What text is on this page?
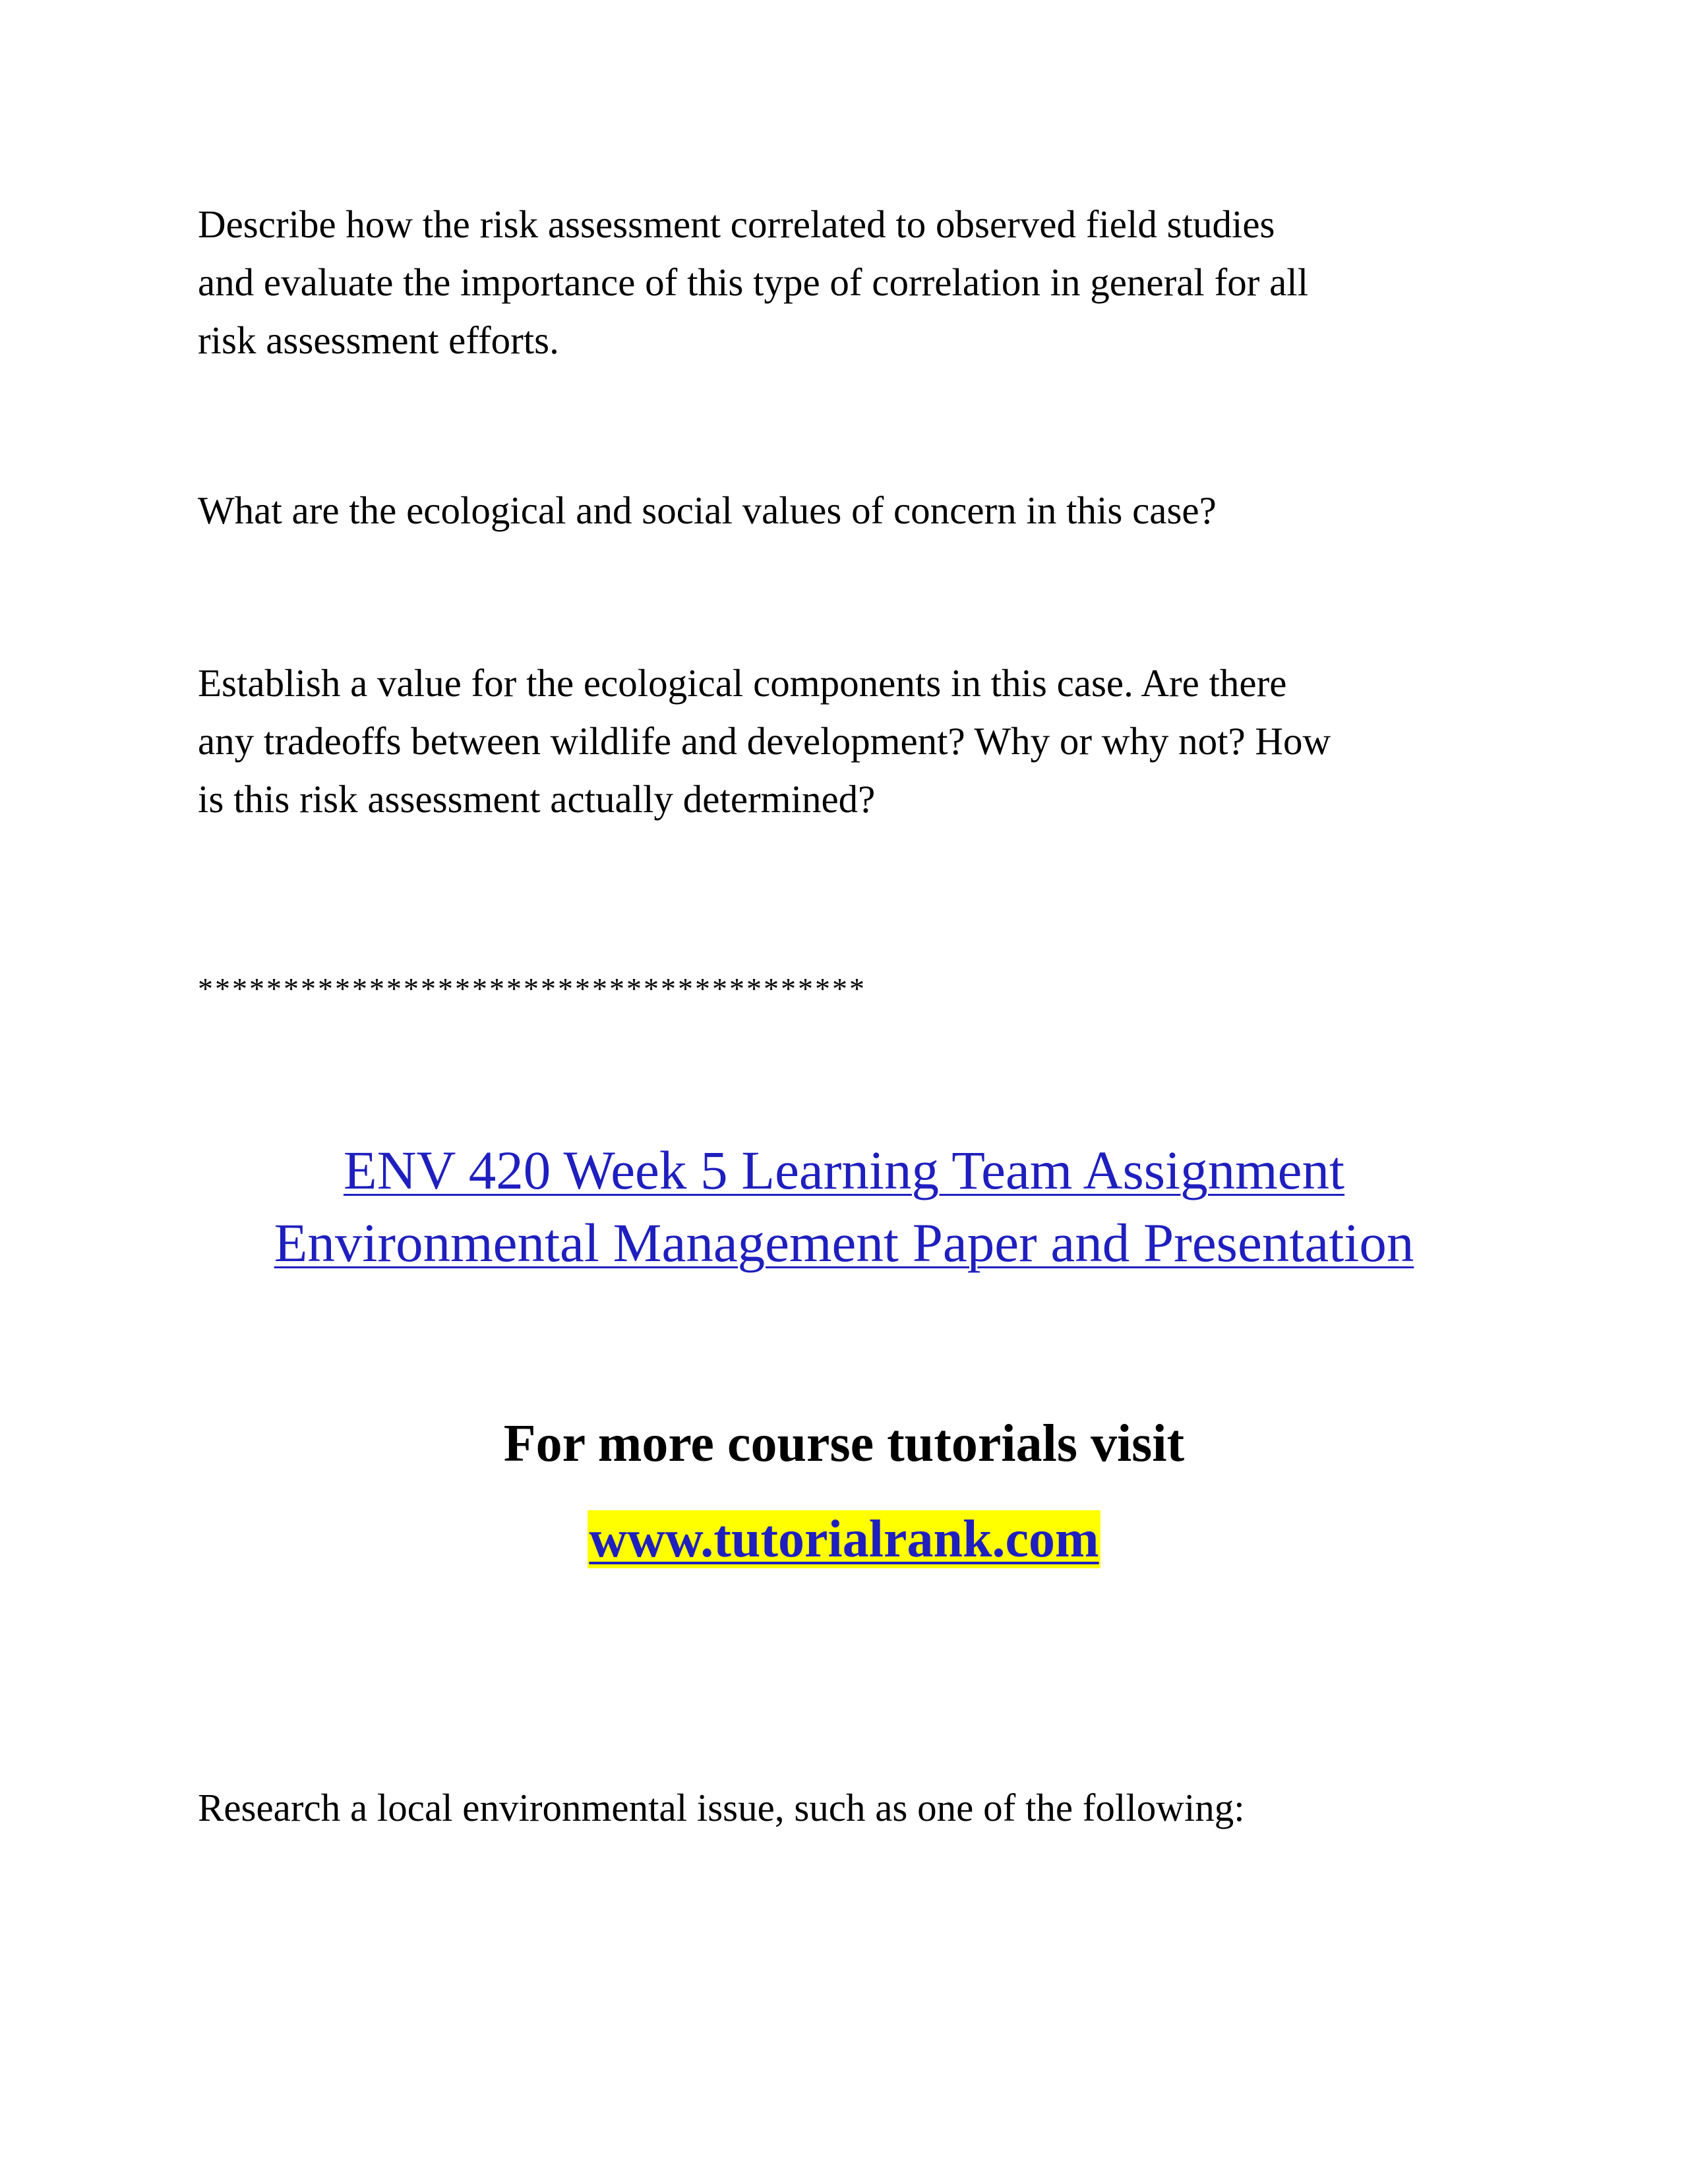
Describe how the risk assessment correlated to observed field studies
and evaluate the importance of this type of correlation in general for all
risk assessment efforts.

What are the ecological and social values of concern in this case?

Establish a value for the ecological components in this case. Are there
any tradeoffs between wildlife and development? Why or why not? How
is this risk assessment actually determined?

***************************************

ENV 420 Week 5 Learning Team Assignment
Environmental Management Paper and Presentation

For more course tutorials visit

www.tutorialrank.com

Research a local environmental issue, such as one of the following:
